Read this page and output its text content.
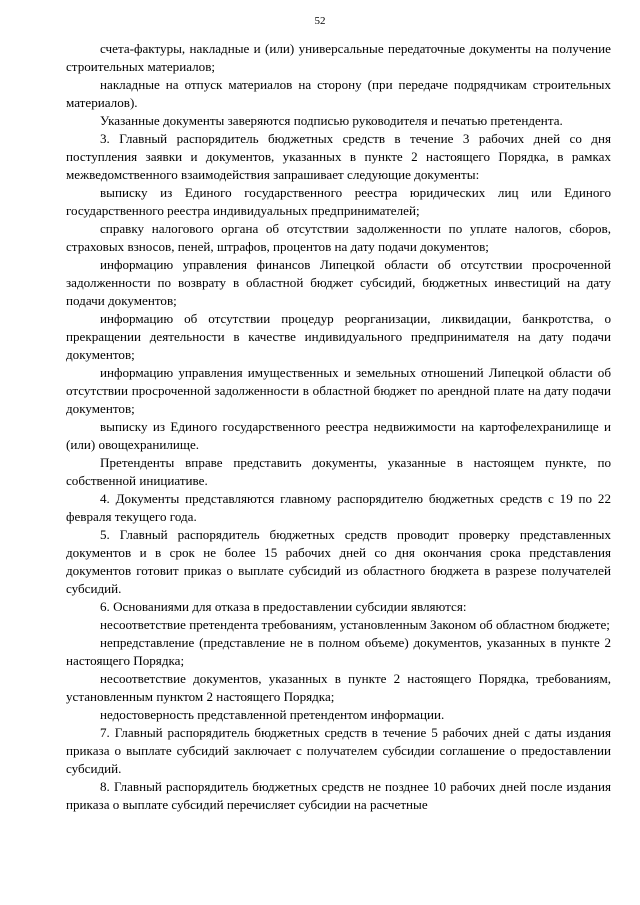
52

счета-фактуры, накладные и (или) универсальные передаточные документы на получение строительных материалов;

накладные на отпуск материалов на сторону (при передаче подрядчикам строительных материалов).

Указанные документы заверяются подписью руководителя и печатью претендента.

3. Главный распорядитель бюджетных средств в течение 3 рабочих дней со дня поступления заявки и документов, указанных в пункте 2 настоящего Порядка, в рамках межведомственного взаимодействия запрашивает следующие документы:

выписку из Единого государственного реестра юридических лиц или Единого государственного реестра индивидуальных предпринимателей;

справку налогового органа об отсутствии задолженности по уплате налогов, сборов, страховых взносов, пеней, штрафов, процентов на дату подачи документов;

информацию управления финансов Липецкой области об отсутствии просроченной задолженности по возврату в областной бюджет субсидий, бюджетных инвестиций на дату подачи документов;

информацию об отсутствии процедур реорганизации, ликвидации, банкротства, о прекращении деятельности в качестве индивидуального предпринимателя на дату подачи документов;

информацию управления имущественных и земельных отношений Липецкой области об отсутствии просроченной задолженности в областной бюджет по арендной плате на дату подачи документов;

выписку из Единого государственного реестра недвижимости на картофелехранилище и (или) овощехранилище.

Претенденты вправе представить документы, указанные в настоящем пункте, по собственной инициативе.

4. Документы представляются главному распорядителю бюджетных средств с 19 по 22 февраля текущего года.

5. Главный распорядитель бюджетных средств проводит проверку представленных документов и в срок не более 15 рабочих дней со дня окончания срока представления документов готовит приказ о выплате субсидий из областного бюджета в разрезе получателей субсидий.

6. Основаниями для отказа в предоставлении субсидии являются:

несоответствие претендента требованиям, установленным Законом об областном бюджете;

непредставление (представление не в полном объеме) документов, указанных в пункте 2 настоящего Порядка;

несоответствие документов, указанных в пункте 2 настоящего Порядка, требованиям, установленным пунктом 2 настоящего Порядка;

недостоверность представленной претендентом информации.

7. Главный распорядитель бюджетных средств в течение 5 рабочих дней с даты издания приказа о выплате субсидий заключает с получателем субсидии соглашение о предоставлении субсидий.

8. Главный распорядитель бюджетных средств не позднее 10 рабочих дней после издания приказа о выплате субсидий перечисляет субсидии на расчетные
